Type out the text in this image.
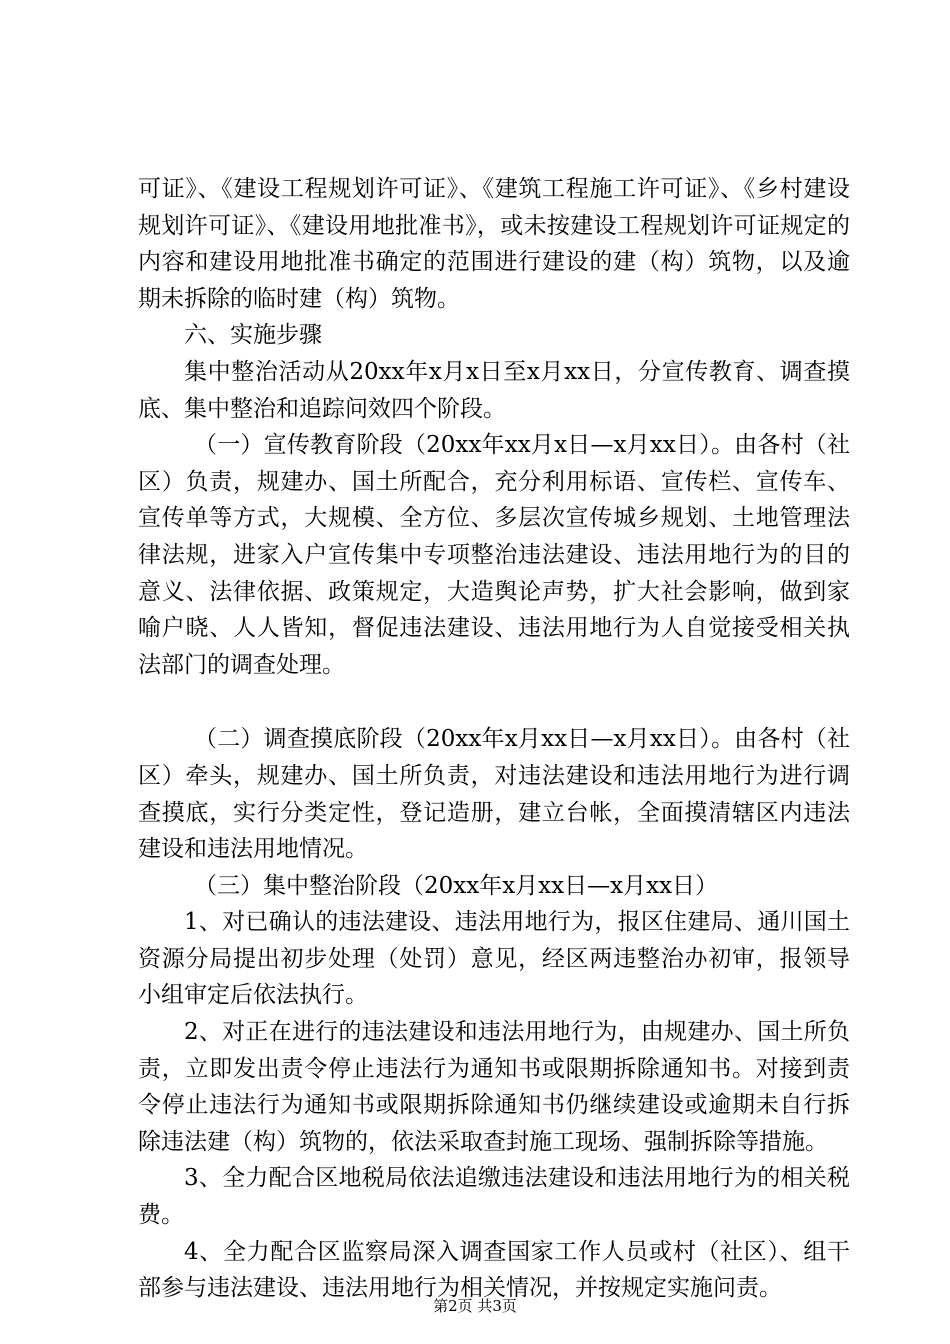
可证》、《建设工程规划许可证》、《建筑工程施工许可证》、《乡村建设规划许可证》、《建设用地批准书》，或未按建设工程规划许可证规定的内容和建设用地批准书确定的范围进行建设的建（构）筑物，以及逾期未拆除的临时建（构）筑物。

六、实施步骤

集中整治活动从20xx年x月x日至x月xx日，分宣传教育、调查摸底、集中整治和追踪问效四个阶段。

（一）宣传教育阶段（20xx年xx月x日—x月xx日）。由各村（社区）负责，规建办、国土所配合，充分利用标语、宣传栏、宣传车、宣传单等方式，大规模、全方位、多层次宣传城乡规划、土地管理法律法规，进家入户宣传集中专项整治违法建设、违法用地行为的目的意义、法律依据、政策规定，大造舆论声势，扩大社会影响，做到家喻户晓、人人皆知，督促违法建设、违法用地行为人自觉接受相关执法部门的调查处理。

（二）调查摸底阶段（20xx年x月xx日—x月xx日）。由各村（社区）牵头，规建办、国土所负责，对违法建设和违法用地行为进行调查摸底，实行分类定性，登记造册，建立台帐，全面摸清辖区内违法建设和违法用地情况。

（三）集中整治阶段（20xx年x月xx日—x月xx日）

1、对已确认的违法建设、违法用地行为，报区住建局、通川国土资源分局提出初步处理（处罚）意见，经区两违整治办初审，报领导小组审定后依法执行。

2、对正在进行的违法建设和违法用地行为，由规建办、国土所负责，立即发出责令停止违法行为通知书或限期拆除通知书。对接到责令停止违法行为通知书或限期拆除通知书仍继续建设或逾期未自行拆除违法建（构）筑物的，依法采取查封施工现场、强制拆除等措施。

3、全力配合区地税局依法追缴违法建设和违法用地行为的相关税费。

4、全力配合区监察局深入调查国家工作人员或村（社区）、组干部参与违法建设、违法用地行为相关情况，并按规定实施问责。

第2页 共3页
